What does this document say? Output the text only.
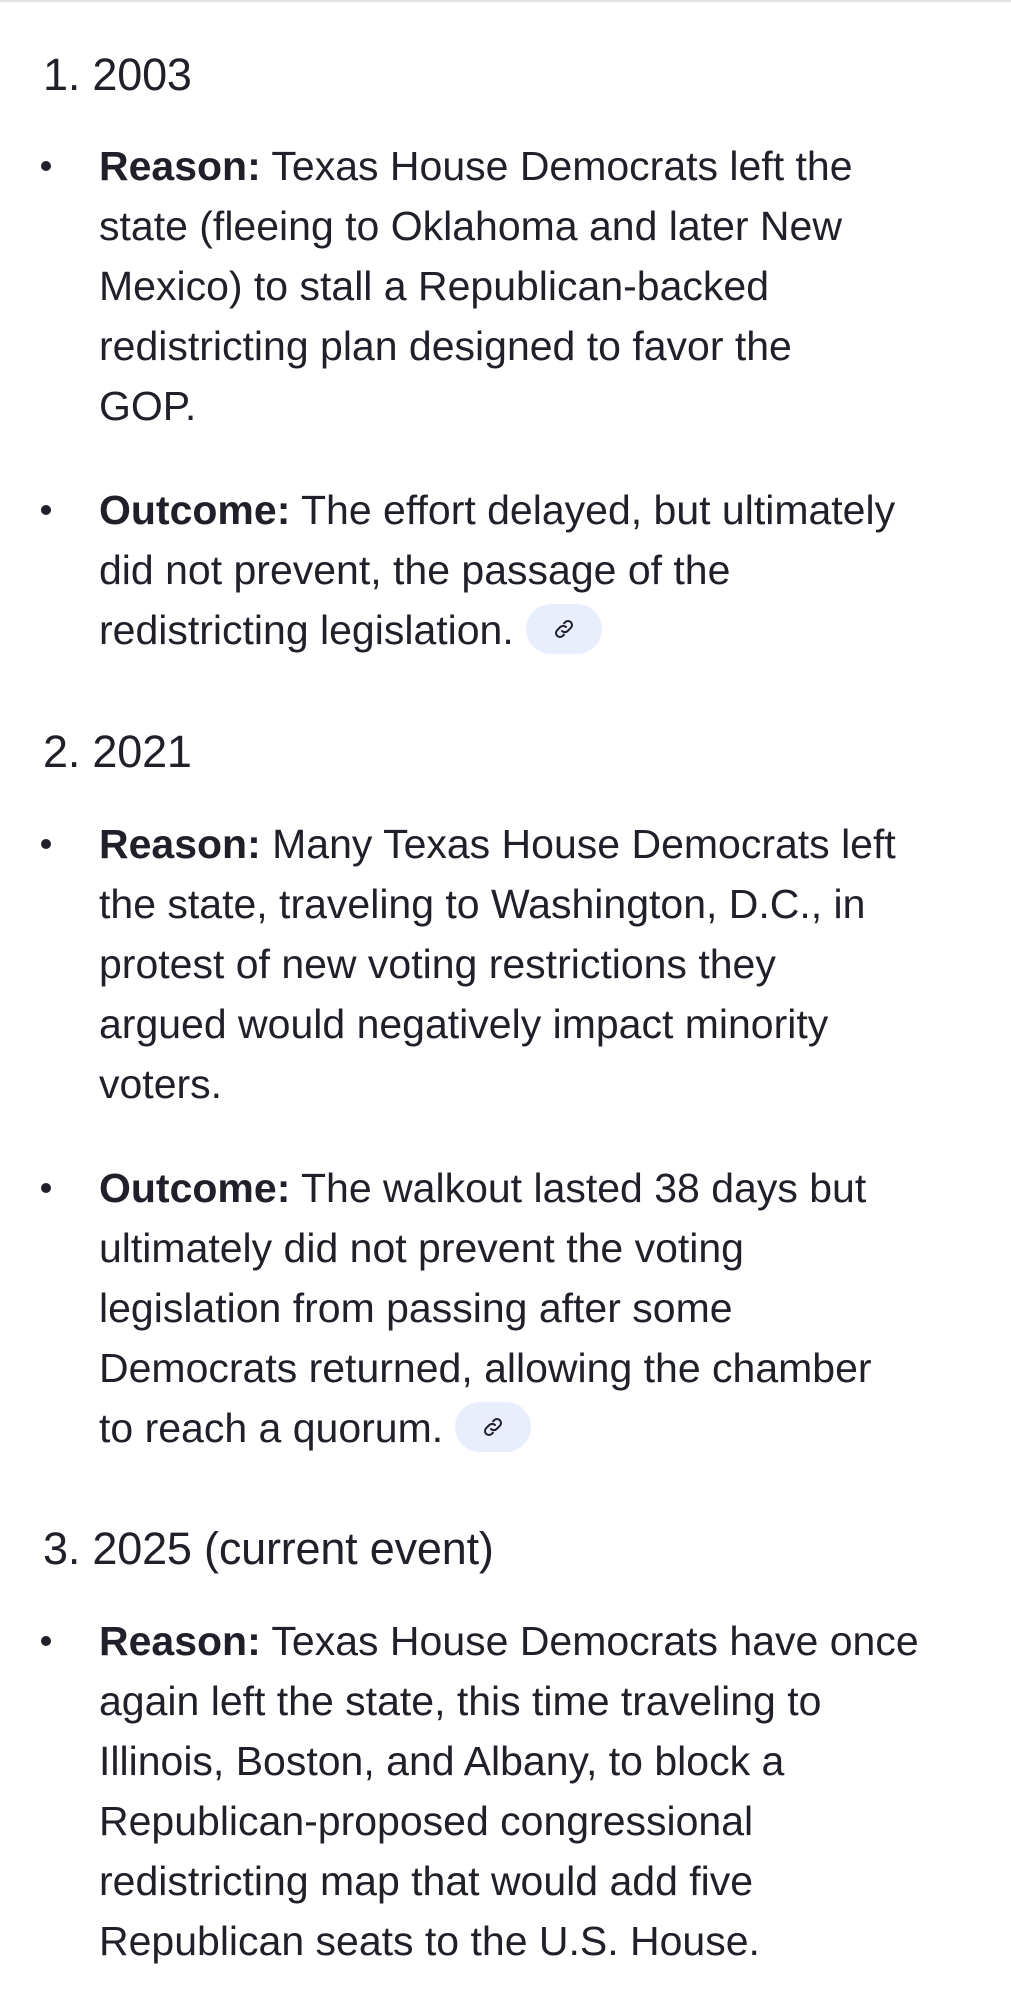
1. 2003
Reason: Texas House Democrats left the
state (fleeing to Oklahoma and later New
Mexico) to stall a Republican-backed
redistricting plan designed to favor the
GOP.
Outcome: The effort delayed, but ultimately
did not prevent, the passage of the
redistricting legislation.
2. 2021
Reason: Many Texas House Democrats left
the state, traveling to Washington, D.C., in
protest of new voting restrictions they
argued would negatively impact minority
voters.
Outcome: The walkout lasted 38 days but
ultimately did not prevent the voting
legislation from passing after some
Democrats returned, allowing the chamber
to reach a quorum.
3. 2025 (current event)
Reason: Texas House Democrats have once
again left the state, this time traveling to
Illinois, Boston, and Albany, to block a
Republican-proposed congressional
redistricting map that would add five
Republican seats to the U.S. House.
